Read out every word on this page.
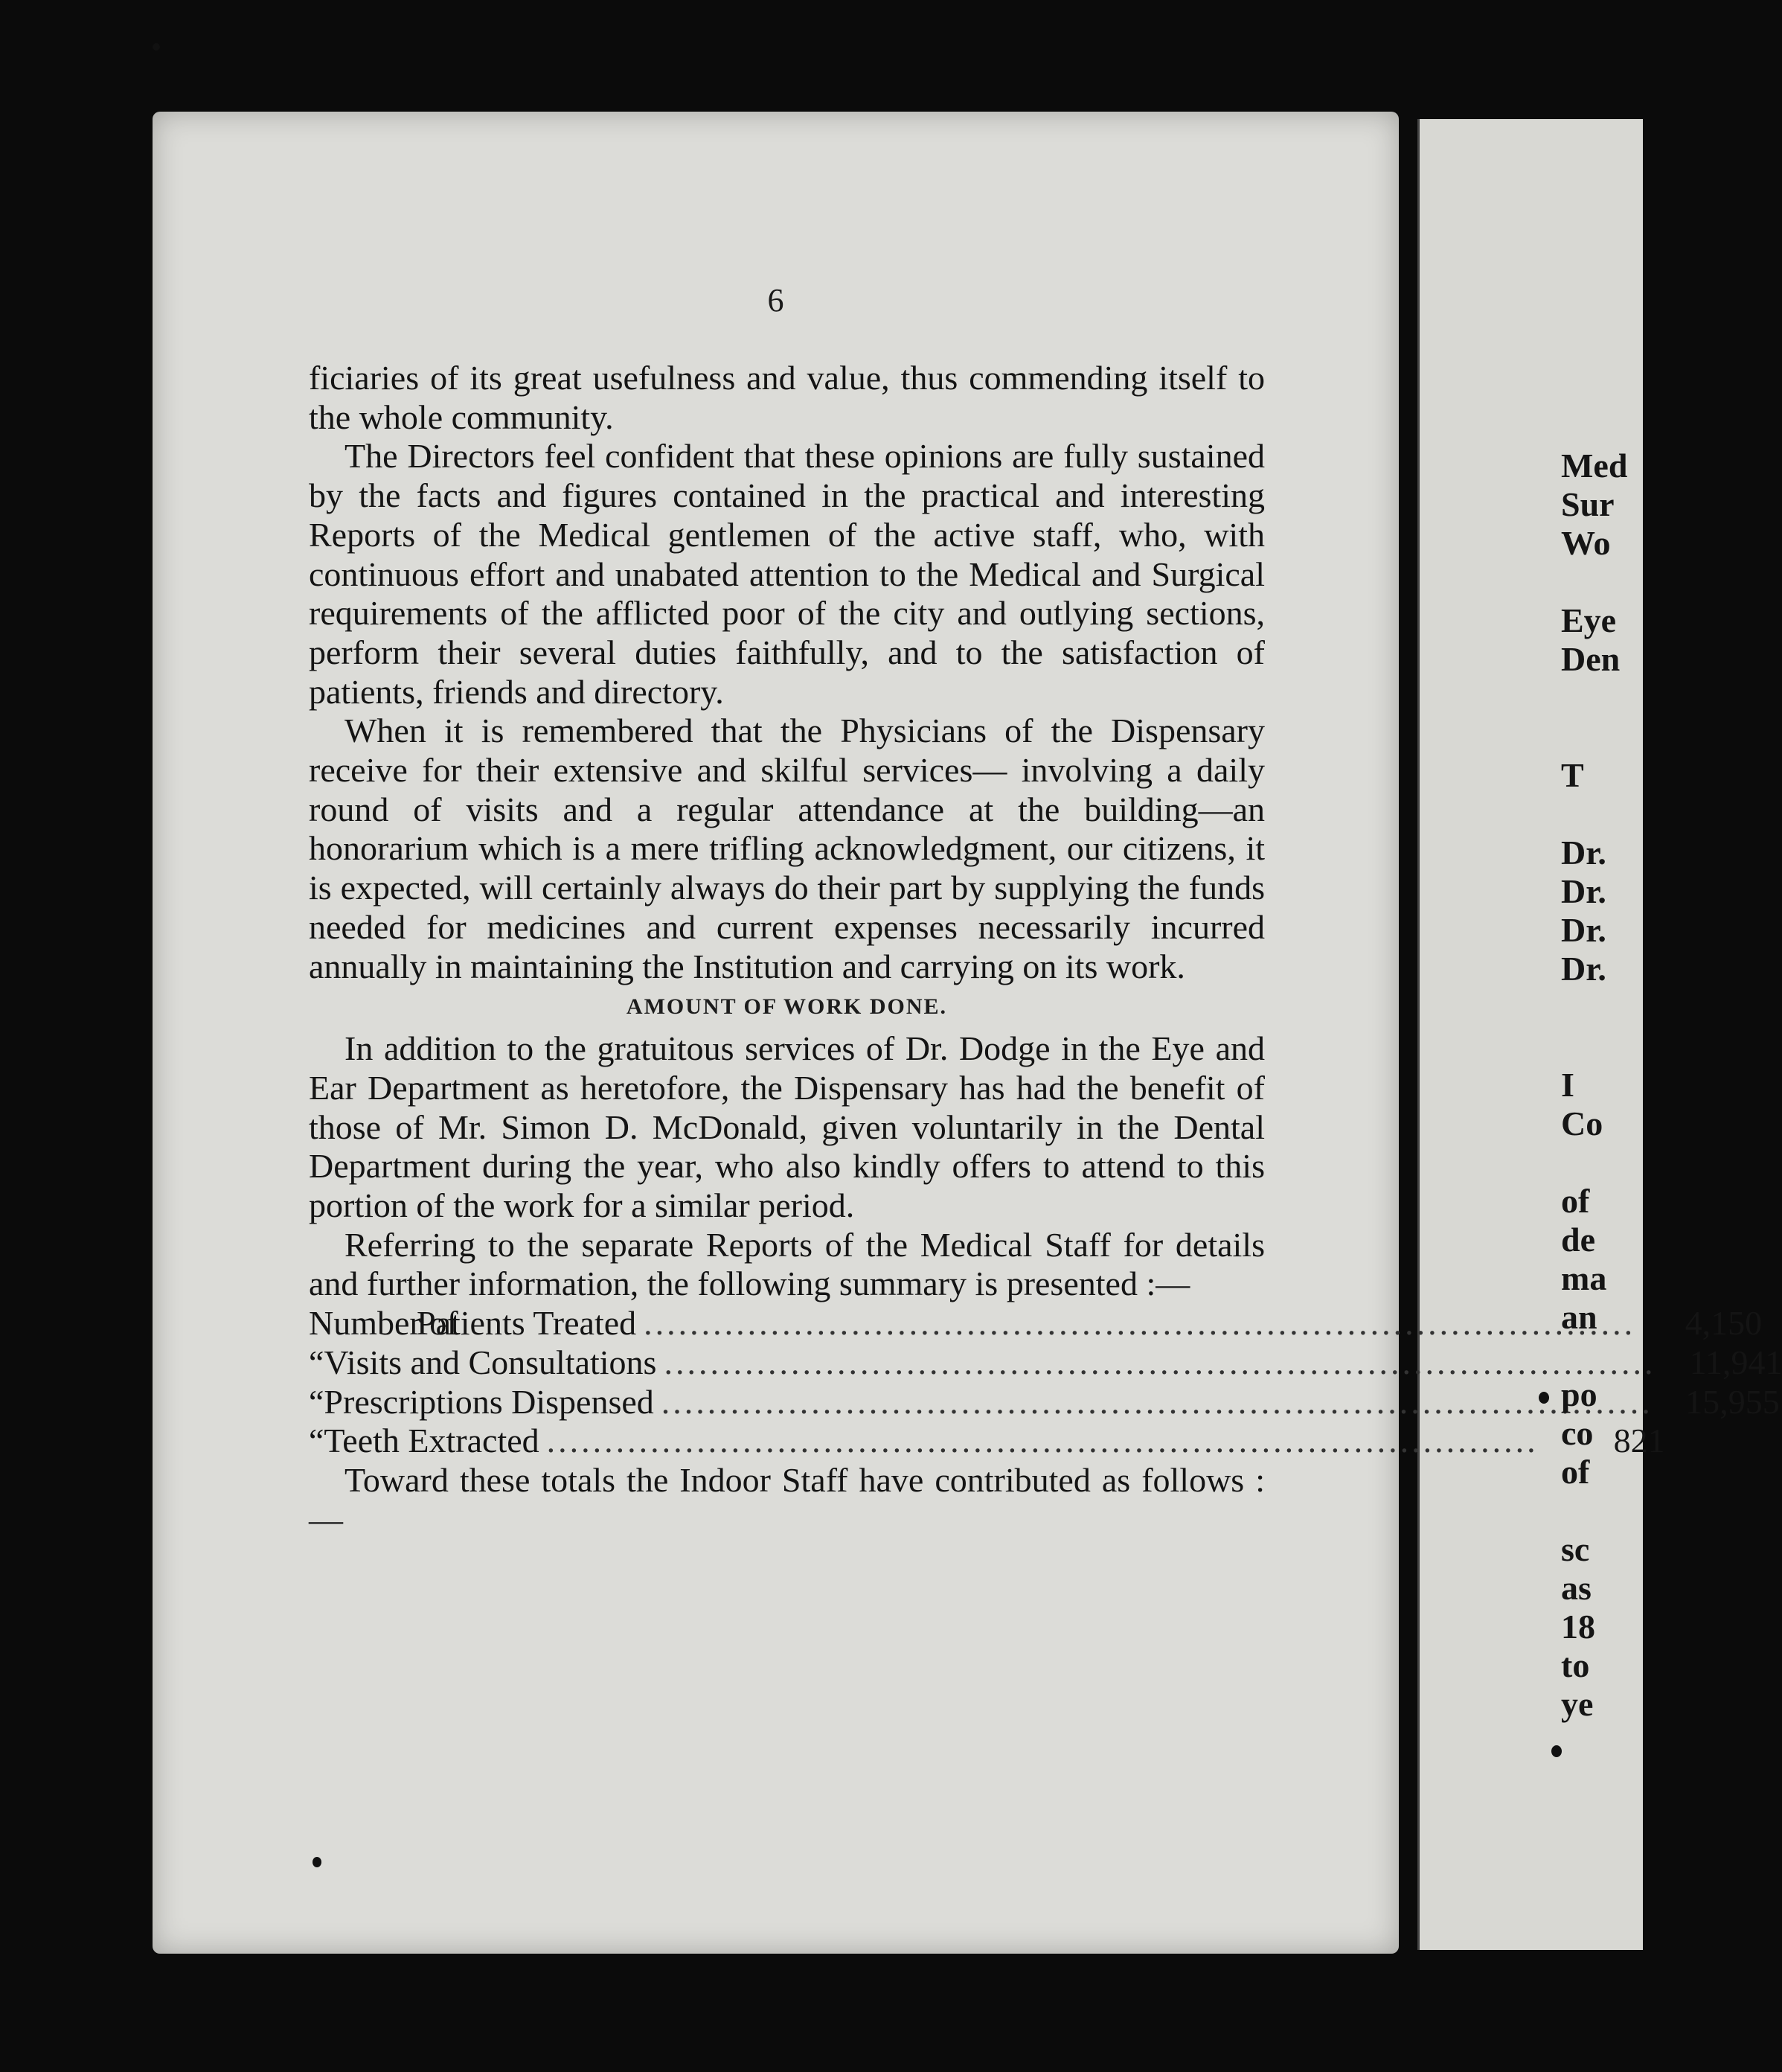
6

ficiaries of its great usefulness and value, thus commending itself to the whole community.

The Directors feel confident that these opinions are fully sustained by the facts and figures contained in the practical and interesting Reports of the Medical gentlemen of the active staff, who, with continuous effort and unabated attention to the Medical and Surgical requirements of the afflicted poor of the city and outlying sections, perform their several duties faithfully, and to the satisfaction of patients, friends and directory.

When it is remembered that the Physicians of the Dispensary receive for their extensive and skilful services— involving a daily round of visits and a regular attendance at the building—an honorarium which is a mere trifling acknowledgment, our citizens, it is expected, will certainly always do their part by supplying the funds needed for medicines and current expenses necessarily incurred annually in maintaining the Institution and carrying on its work.

AMOUNT OF WORK DONE.

In addition to the gratuitous services of Dr. Dodge in the Eye and Ear Department as heretofore, the Dispensary has had the benefit of those of Mr. Simon D. McDonald, given voluntarily in the Dental Department during the year, who also kindly offers to attend to this portion of the work for a similar period.

Referring to the separate Reports of the Medical Staff for details and further information, the following summary is presented :—

Number of
Patients Treated .....	4,150
“ Visits and Consultations .....	11,941
“ Prescriptions Dispensed .....	15,955
“ Teeth Extracted .....	821

Toward these totals the Indoor Staff have contributed as follows :—

Med
Sur
Wo

Eye
Den

T

Dr.
Dr.
Dr.
Dr.

I
Co

of
de
ma
an

po
co
of

sc
as
18
to
ye
